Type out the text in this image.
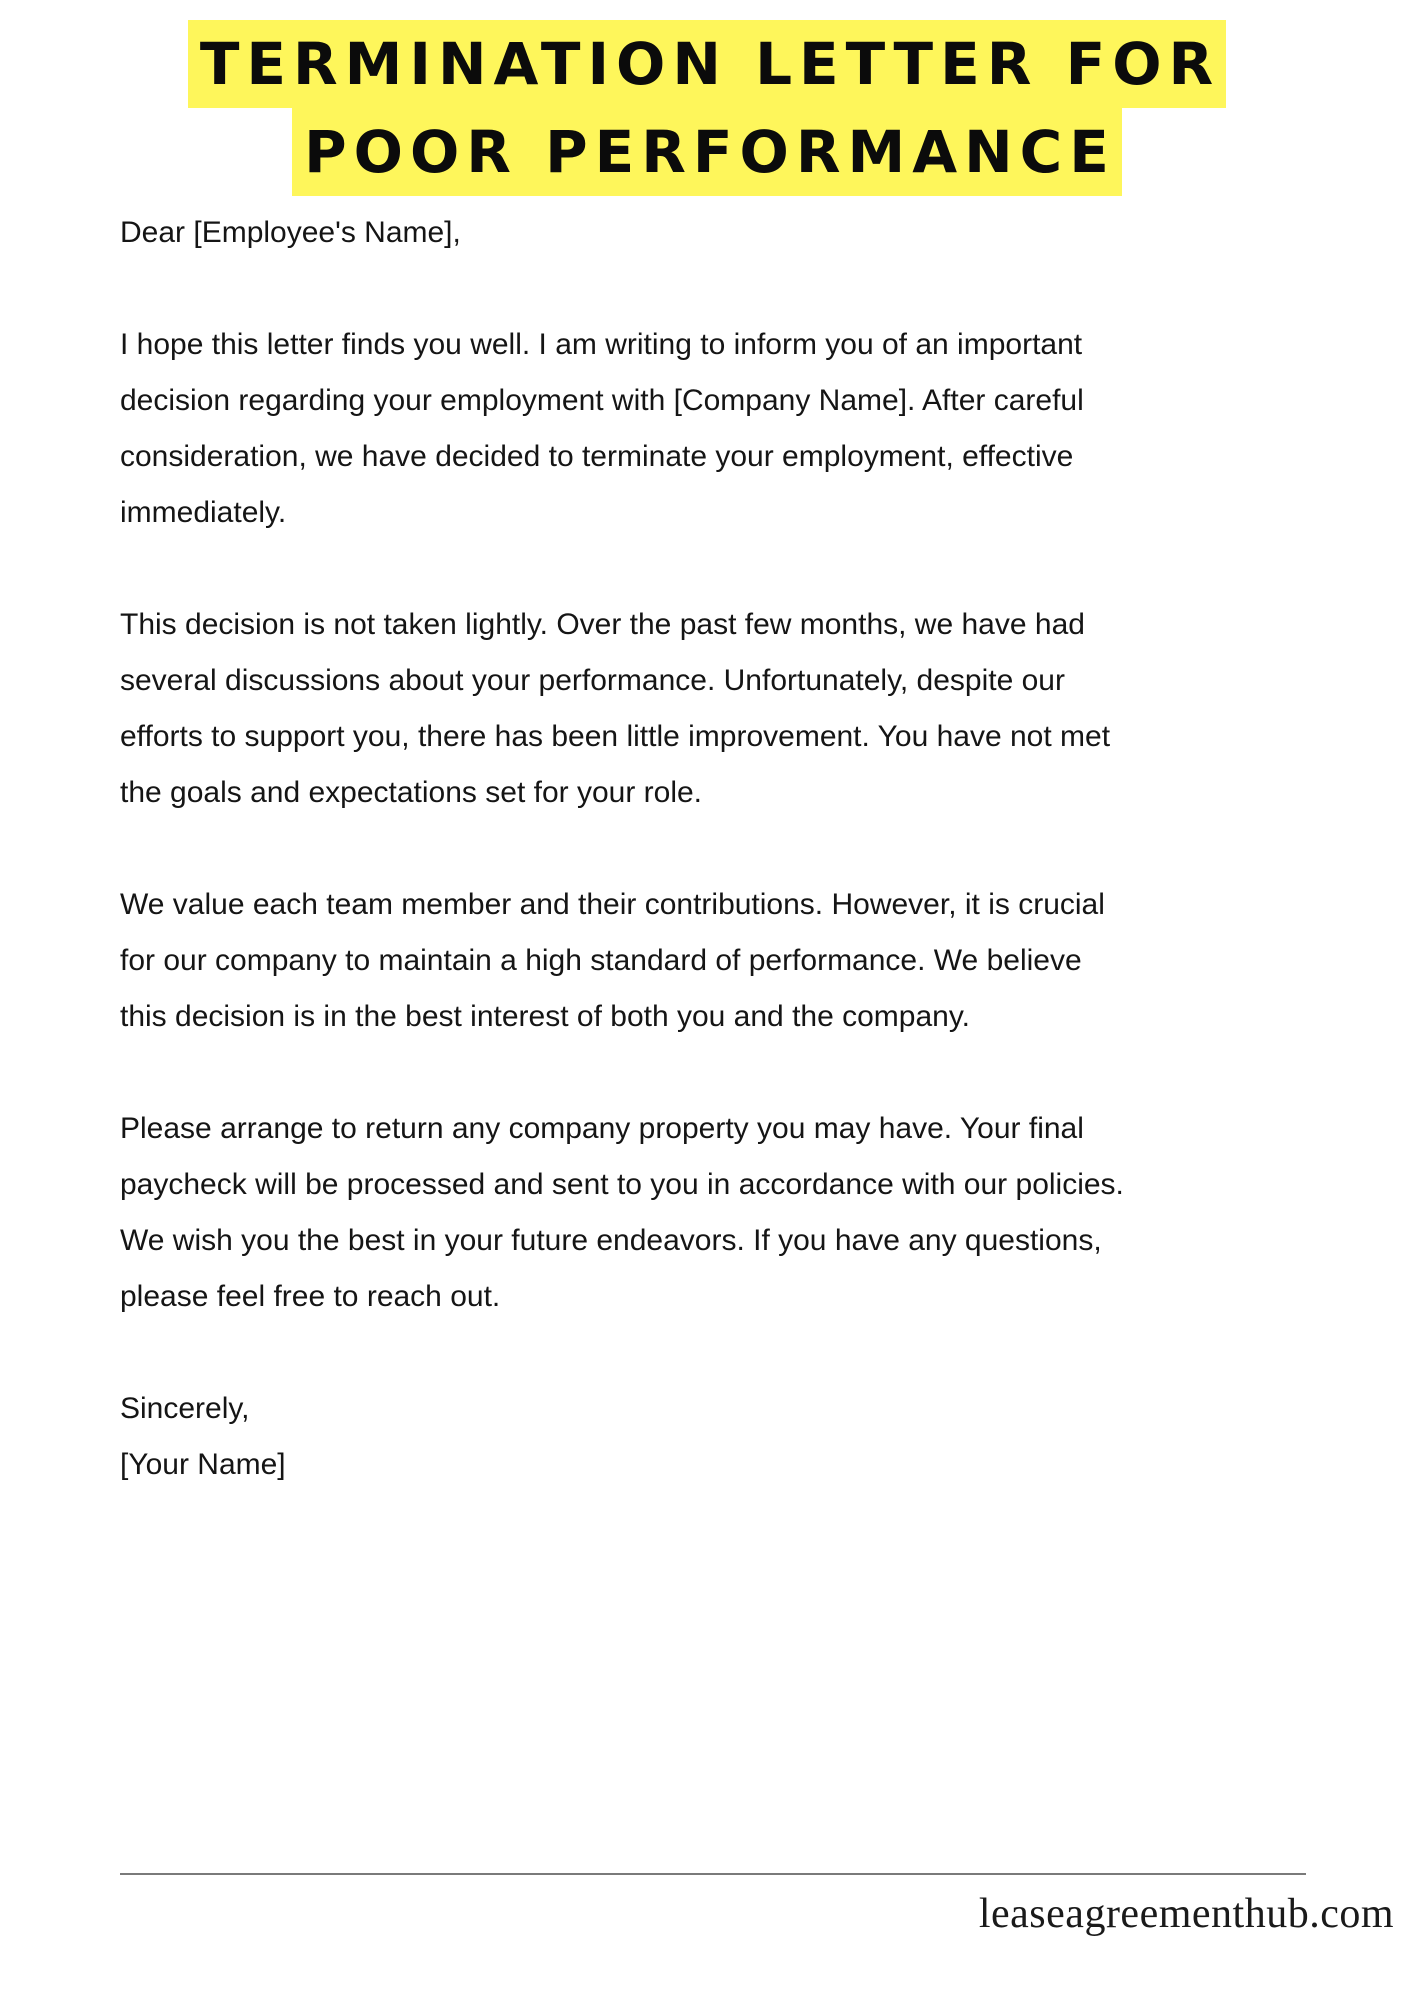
TERMINATION LETTER FOR
POOR PERFORMANCE

Dear [Employee's Name],

I hope this letter finds you well. I am writing to inform you of an important
decision regarding your employment with [Company Name]. After careful
consideration, we have decided to terminate your employment, effective
immediately.

This decision is not taken lightly. Over the past few months, we have had
several discussions about your performance. Unfortunately, despite our
efforts to support you, there has been little improvement. You have not met
the goals and expectations set for your role.

We value each team member and their contributions. However, it is crucial
for our company to maintain a high standard of performance. We believe
this decision is in the best interest of both you and the company.

Please arrange to return any company property you may have. Your final
paycheck will be processed and sent to you in accordance with our policies.
We wish you the best in your future endeavors. If you have any questions,
please feel free to reach out.

Sincerely,
[Your Name]

leaseagreementhub.com
